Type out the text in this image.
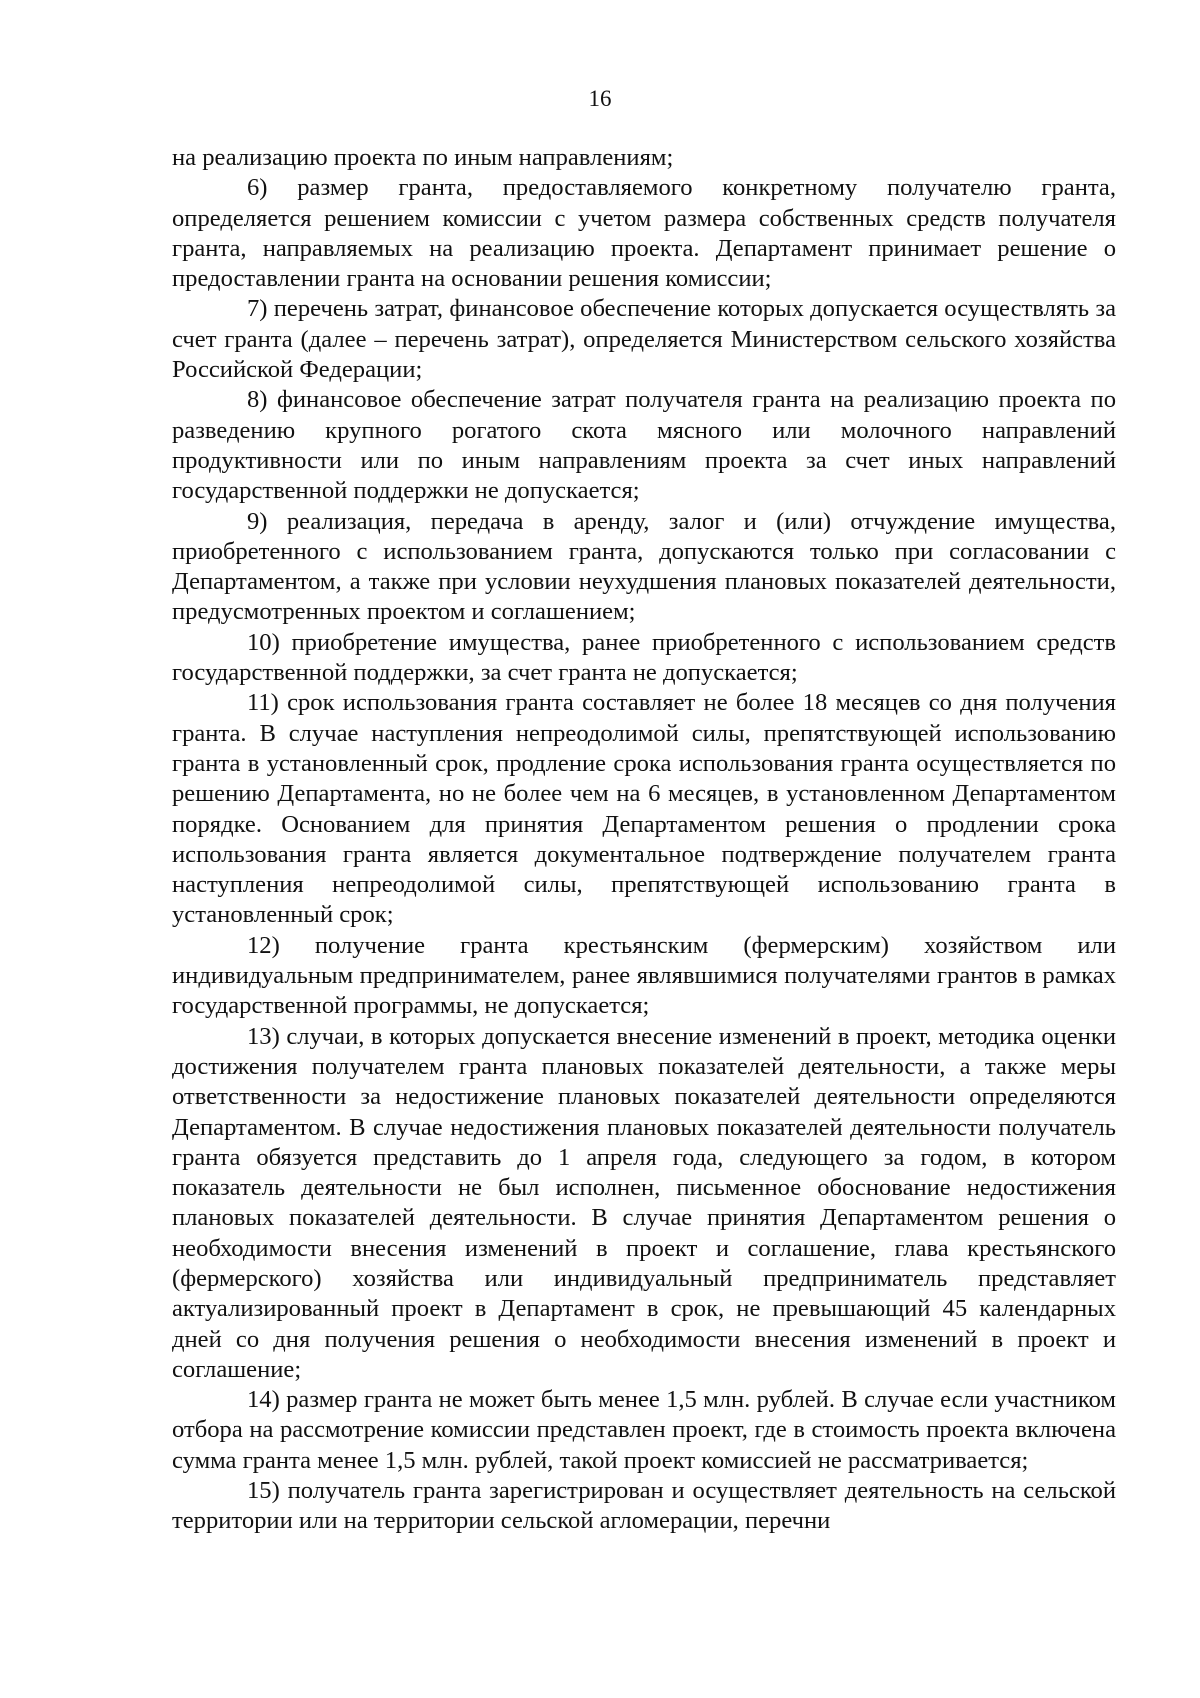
16

на реализацию проекта по иным направлениям;

6) размер гранта, предоставляемого конкретному получателю гранта, определяется решением комиссии с учетом размера собственных средств получателя гранта, направляемых на реализацию проекта. Департамент принимает решение о предоставлении гранта на основании решения комиссии;

7) перечень затрат, финансовое обеспечение которых допускается осуществлять за счет гранта (далее – перечень затрат), определяется Министерством сельского хозяйства Российской Федерации;

8) финансовое обеспечение затрат получателя гранта на реализацию проекта по разведению крупного рогатого скота мясного или молочного направлений продуктивности или по иным направлениям проекта за счет иных направлений государственной поддержки не допускается;

9) реализация, передача в аренду, залог и (или) отчуждение имущества, приобретенного с использованием гранта, допускаются только при согласовании с Департаментом, а также при условии неухудшения плановых показателей деятельности, предусмотренных проектом и соглашением;

10) приобретение имущества, ранее приобретенного с использованием средств государственной поддержки, за счет гранта не допускается;

11) срок использования гранта составляет не более 18 месяцев со дня получения гранта. В случае наступления непреодолимой силы, препятствующей использованию гранта в установленный срок, продление срока использования гранта осуществляется по решению Департамента, но не более чем на 6 месяцев, в установленном Департаментом порядке. Основанием для принятия Департаментом решения о продлении срока использования гранта является документальное подтверждение получателем гранта наступления непреодолимой силы, препятствующей использованию гранта в установленный срок;

12) получение гранта крестьянским (фермерским) хозяйством или индивидуальным предпринимателем, ранее являвшимися получателями грантов в рамках государственной программы, не допускается;

13) случаи, в которых допускается внесение изменений в проект, методика оценки достижения получателем гранта плановых показателей деятельности, а также меры ответственности за недостижение плановых показателей деятельности определяются Департаментом. В случае недостижения плановых показателей деятельности получатель гранта обязуется представить до 1 апреля года, следующего за годом, в котором показатель деятельности не был исполнен, письменное обоснование недостижения плановых показателей деятельности. В случае принятия Департаментом решения о необходимости внесения изменений в проект и соглашение, глава крестьянского (фермерского) хозяйства или индивидуальный предприниматель представляет актуализированный проект в Департамент в срок, не превышающий 45 календарных дней со дня получения решения о необходимости внесения изменений в проект и соглашение;

14) размер гранта не может быть менее 1,5 млн. рублей. В случае если участником отбора на рассмотрение комиссии представлен проект, где в стоимость проекта включена сумма гранта менее 1,5 млн. рублей, такой проект комиссией не рассматривается;

15) получатель гранта зарегистрирован и осуществляет деятельность на сельской территории или на территории сельской агломерации, перечни
